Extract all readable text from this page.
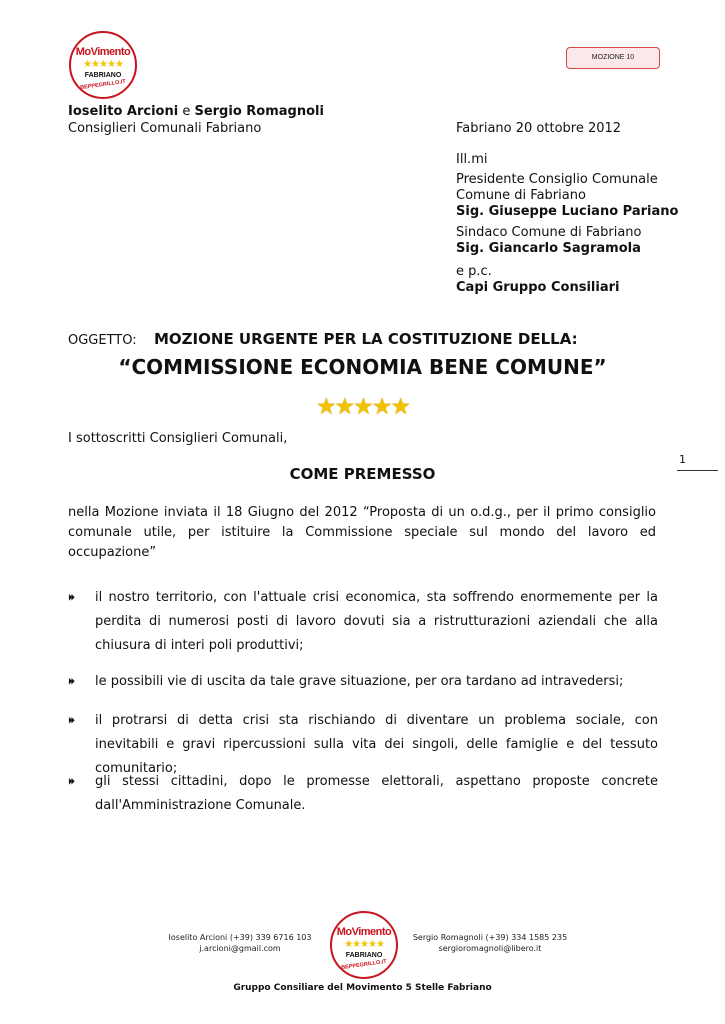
MoVimento
★★★★★
FABRIANO
BEPPEGRILLO.IT
MOZIONE 10
Ioselito Arcioni e Sergio Romagnoli
Consiglieri Comunali Fabriano	Fabriano 20 ottobre 2012
Ill.mi
Presidente Consiglio Comunale
Comune di Fabriano
Sig. Giuseppe Luciano Pariano
Sindaco Comune di Fabriano
Sig. Giancarlo Sagramola
e p.c.
Capi Gruppo Consiliari
OGGETTO: MOZIONE URGENTE PER LA COSTITUZIONE DELLA:
“COMMISSIONE ECONOMIA BENE COMUNE”
★★★★★
I sottoscritti Consiglieri Comunali,
1
COME PREMESSO
nella Mozione inviata il 18 Giugno del 2012 “Proposta di un o.d.g., per il primo consiglio comunale utile, per istituire la Commissione speciale sul mondo del lavoro ed occupazione”
⏵⏵ il nostro territorio, con l'attuale crisi economica, sta soffrendo enormemente per la perdita di numerosi posti di lavoro dovuti sia a ristrutturazioni aziendali che alla chiusura di interi poli produttivi;
⏵⏵ le possibili vie di uscita da tale grave situazione, per ora tardano ad intravedersi;
⏵⏵ il protrarsi di detta crisi sta rischiando di diventare un problema sociale, con inevitabili e gravi ripercussioni sulla vita dei singoli, delle famiglie e del tessuto comunitario;
⏵⏵ gli stessi cittadini, dopo le promesse elettorali, aspettano proposte concrete dall'Amministrazione Comunale.
Ioselito Arcioni (+39) 339 6716 103
j.arcioni@gmail.com
MoVimento
★★★★★
FABRIANO
BEPPEGRILLO.IT
Sergio Romagnoli (+39) 334 1585 235
sergioromagnoli@libero.it
Gruppo Consiliare del Movimento 5 Stelle Fabriano
